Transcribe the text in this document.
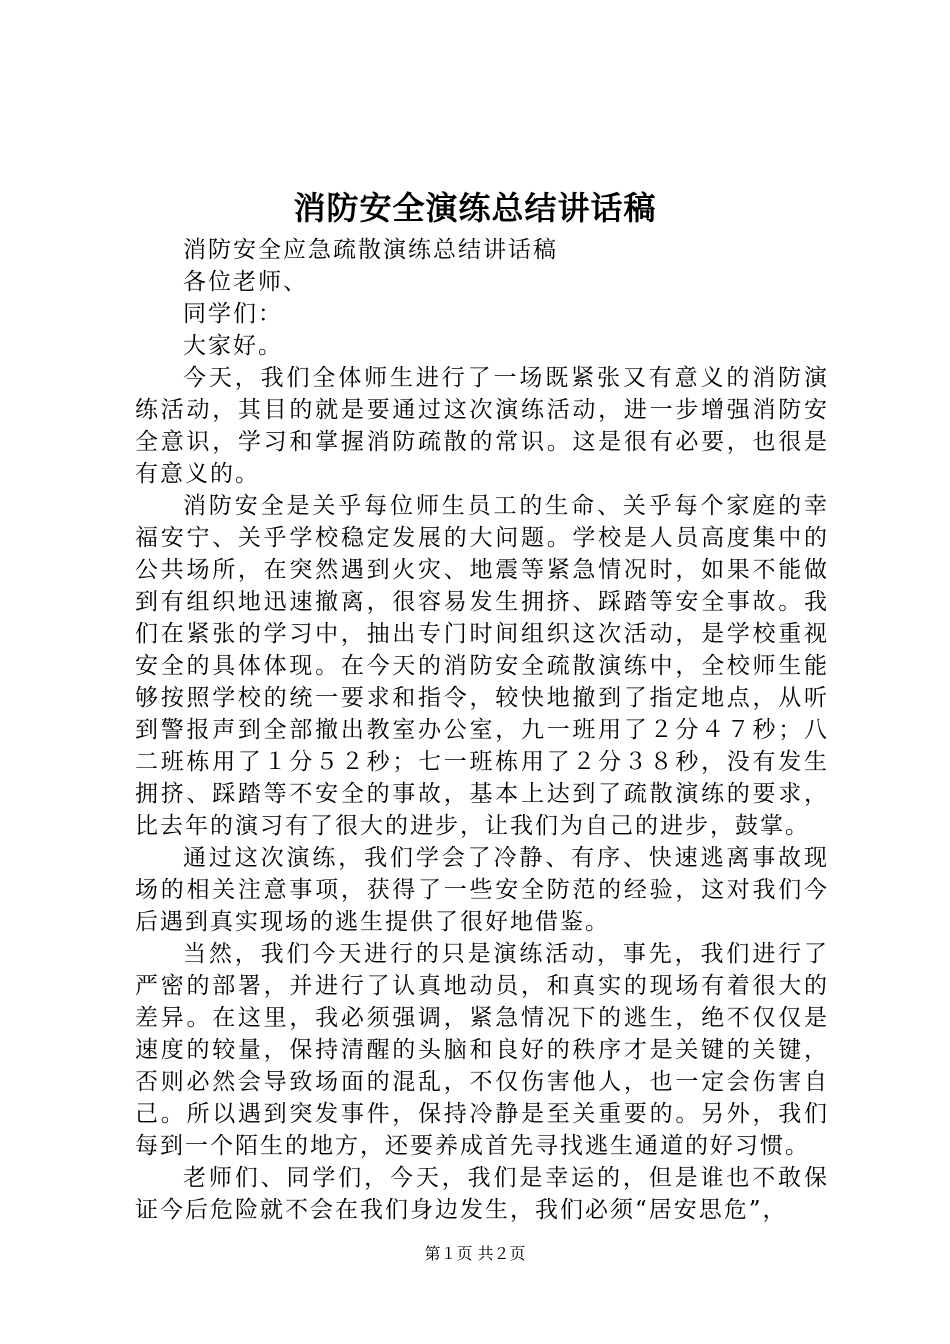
消防安全演练总结讲话稿

消防安全应急疏散演练总结讲话稿

各位老师、

同学们：

大家好。

今天，我们全体师生进行了一场既紧张又有意义的消防演练活动，其目的就是要通过这次演练活动，进一步增强消防安全意识，学习和掌握消防疏散的常识。这是很有必要，也很是有意义的。

消防安全是关乎每位师生员工的生命、关乎每个家庭的幸福安宁、关乎学校稳定发展的大问题。学校是人员高度集中的公共场所，在突然遇到火灾、地震等紧急情况时，如果不能做到有组织地迅速撤离，很容易发生拥挤、踩踏等安全事故。我们在紧张的学习中，抽出专门时间组织这次活动，是学校重视安全的具体体现。在今天的消防安全疏散演练中，全校师生能够按照学校的统一要求和指令，较快地撤到了指定地点，从听到警报声到全部撤出教室办公室，九一班用了２分４７秒；八二班栋用了１分５２秒；七一班栋用了２分３８秒，没有发生拥挤、踩踏等不安全的事故，基本上达到了疏散演练的要求，比去年的演习有了很大的进步，让我们为自己的进步，鼓掌。

通过这次演练，我们学会了冷静、有序、快速逃离事故现场的相关注意事项，获得了一些安全防范的经验，这对我们今后遇到真实现场的逃生提供了很好地借鉴。

当然，我们今天进行的只是演练活动，事先，我们进行了严密的部署，并进行了认真地动员，和真实的现场有着很大的差异。在这里，我必须强调，紧急情况下的逃生，绝不仅仅是速度的较量，保持清醒的头脑和良好的秩序才是关键的关键，否则必然会导致场面的混乱，不仅伤害他人，也一定会伤害自己。所以遇到突发事件，保持冷静是至关重要的。另外，我们每到一个陌生的地方，还要养成首先寻找逃生通道的好习惯。

老师们、同学们，今天，我们是幸运的，但是谁也不敢保证今后危险就不会在我们身边发生，我们必须“居安思危”，

第１页 共２页
